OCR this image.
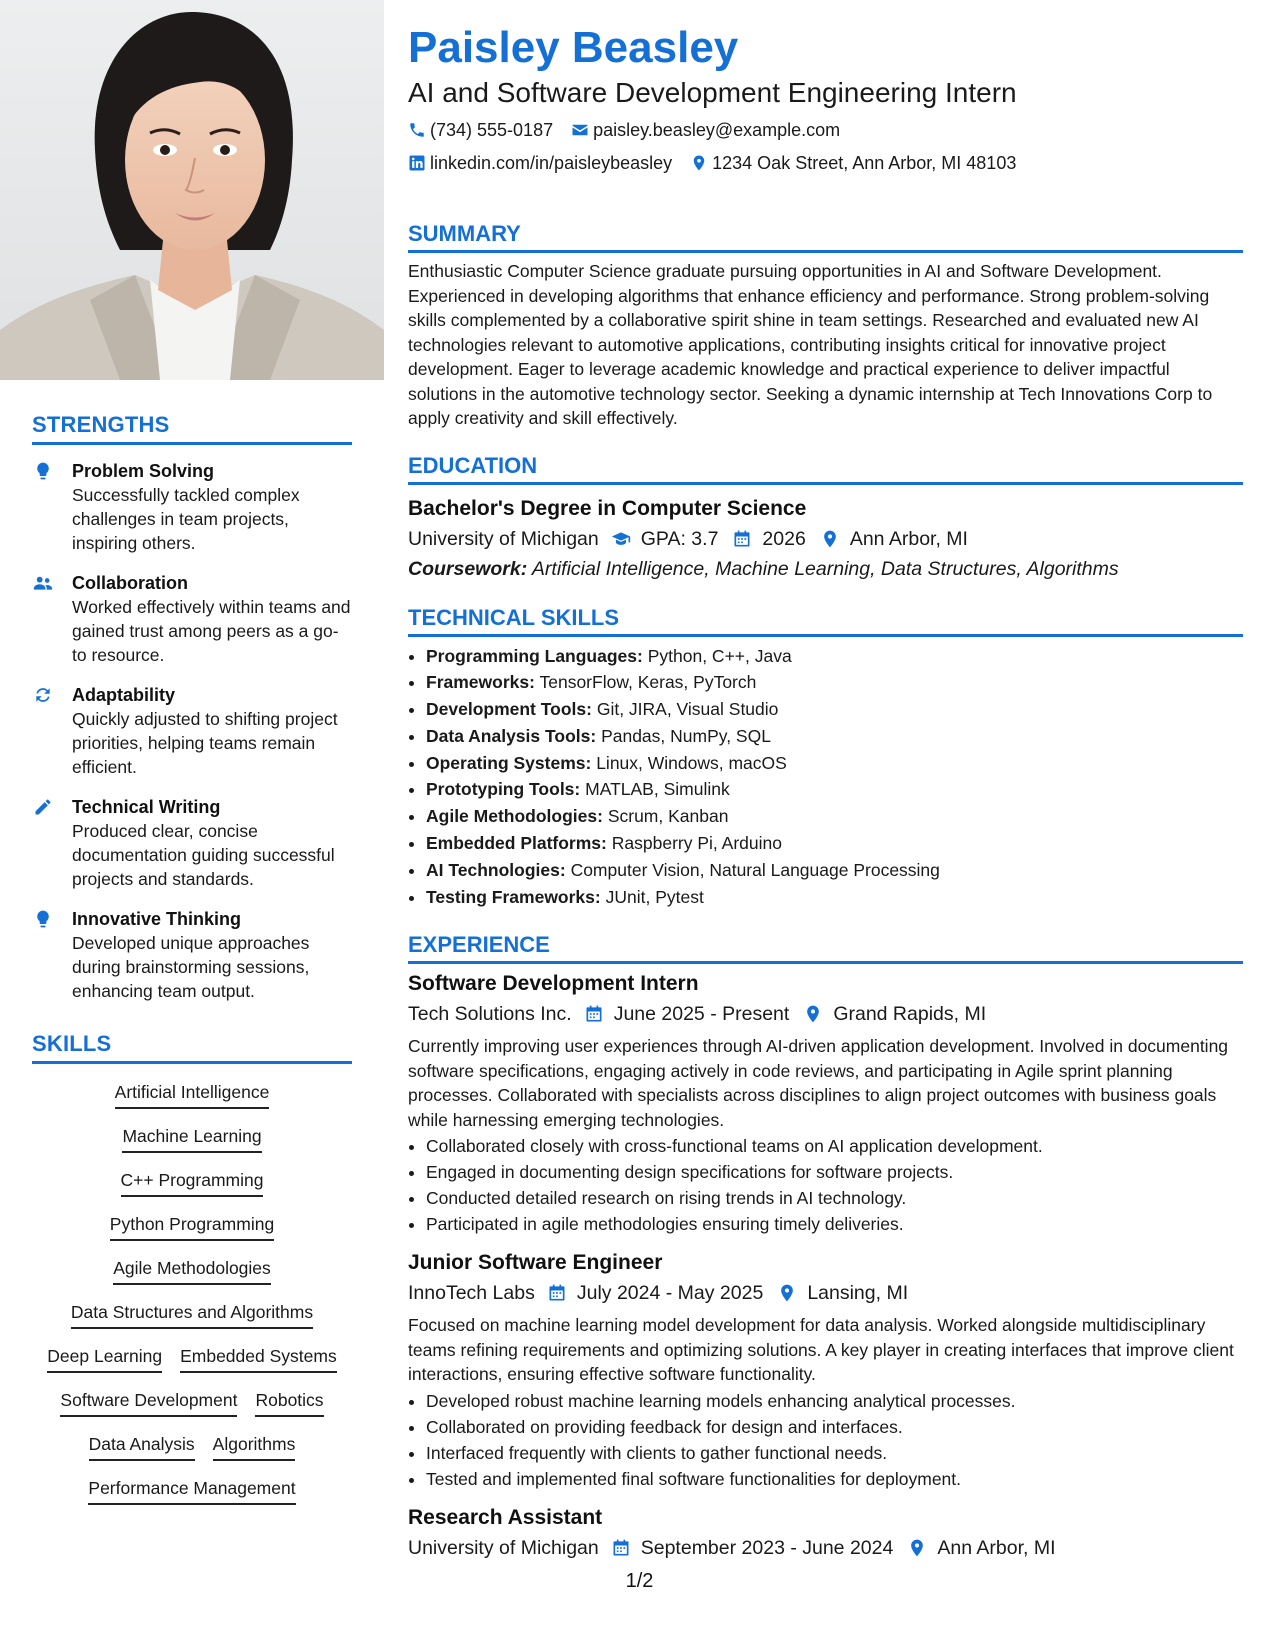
STRENGTHS
Problem Solving
Successfully tackled complex challenges in team projects, inspiring others.
Collaboration
Worked effectively within teams and gained trust among peers as a go-to resource.
Adaptability
Quickly adjusted to shifting project priorities, helping teams remain efficient.
Technical Writing
Produced clear, concise documentation guiding successful projects and standards.
Innovative Thinking
Developed unique approaches during brainstorming sessions, enhancing team output.
SKILLS
Artificial Intelligence
Machine Learning
C++ Programming
Python Programming
Agile Methodologies
Data Structures and Algorithms
Deep Learning Embedded Systems
Software Development Robotics
Data Analysis Algorithms
Performance Management
Paisley Beasley
AI and Software Development Engineering Intern
(734) 555-0187 paisley.beasley@example.com
linkedin.com/in/paisleybeasley 1234 Oak Street, Ann Arbor, MI 48103
SUMMARY
Enthusiastic Computer Science graduate pursuing opportunities in AI and Software Development. Experienced in developing algorithms that enhance efficiency and performance. Strong problem-solving skills complemented by a collaborative spirit shine in team settings. Researched and evaluated new AI technologies relevant to automotive applications, contributing insights critical for innovative project development. Eager to leverage academic knowledge and practical experience to deliver impactful solutions in the automotive technology sector. Seeking a dynamic internship at Tech Innovations Corp to apply creativity and skill effectively.
EDUCATION
Bachelor's Degree in Computer Science
University of Michigan GPA: 3.7 2026 Ann Arbor, MI
Coursework: Artificial Intelligence, Machine Learning, Data Structures, Algorithms
TECHNICAL SKILLS
• Programming Languages: Python, C++, Java
• Frameworks: TensorFlow, Keras, PyTorch
• Development Tools: Git, JIRA, Visual Studio
• Data Analysis Tools: Pandas, NumPy, SQL
• Operating Systems: Linux, Windows, macOS
• Prototyping Tools: MATLAB, Simulink
• Agile Methodologies: Scrum, Kanban
• Embedded Platforms: Raspberry Pi, Arduino
• AI Technologies: Computer Vision, Natural Language Processing
• Testing Frameworks: JUnit, Pytest
EXPERIENCE
Software Development Intern
Tech Solutions Inc. June 2025 - Present Grand Rapids, MI
Currently improving user experiences through AI-driven application development. Involved in documenting software specifications, engaging actively in code reviews, and participating in Agile sprint planning processes. Collaborated with specialists across disciplines to align project outcomes with business goals while harnessing emerging technologies.
• Collaborated closely with cross-functional teams on AI application development.
• Engaged in documenting design specifications for software projects.
• Conducted detailed research on rising trends in AI technology.
• Participated in agile methodologies ensuring timely deliveries.
Junior Software Engineer
InnoTech Labs July 2024 - May 2025 Lansing, MI
Focused on machine learning model development for data analysis. Worked alongside multidisciplinary teams refining requirements and optimizing solutions. A key player in creating interfaces that improve client interactions, ensuring effective software functionality.
• Developed robust machine learning models enhancing analytical processes.
• Collaborated on providing feedback for design and interfaces.
• Interfaced frequently with clients to gather functional needs.
• Tested and implemented final software functionalities for deployment.
Research Assistant
University of Michigan September 2023 - June 2024 Ann Arbor, MI
1/2
